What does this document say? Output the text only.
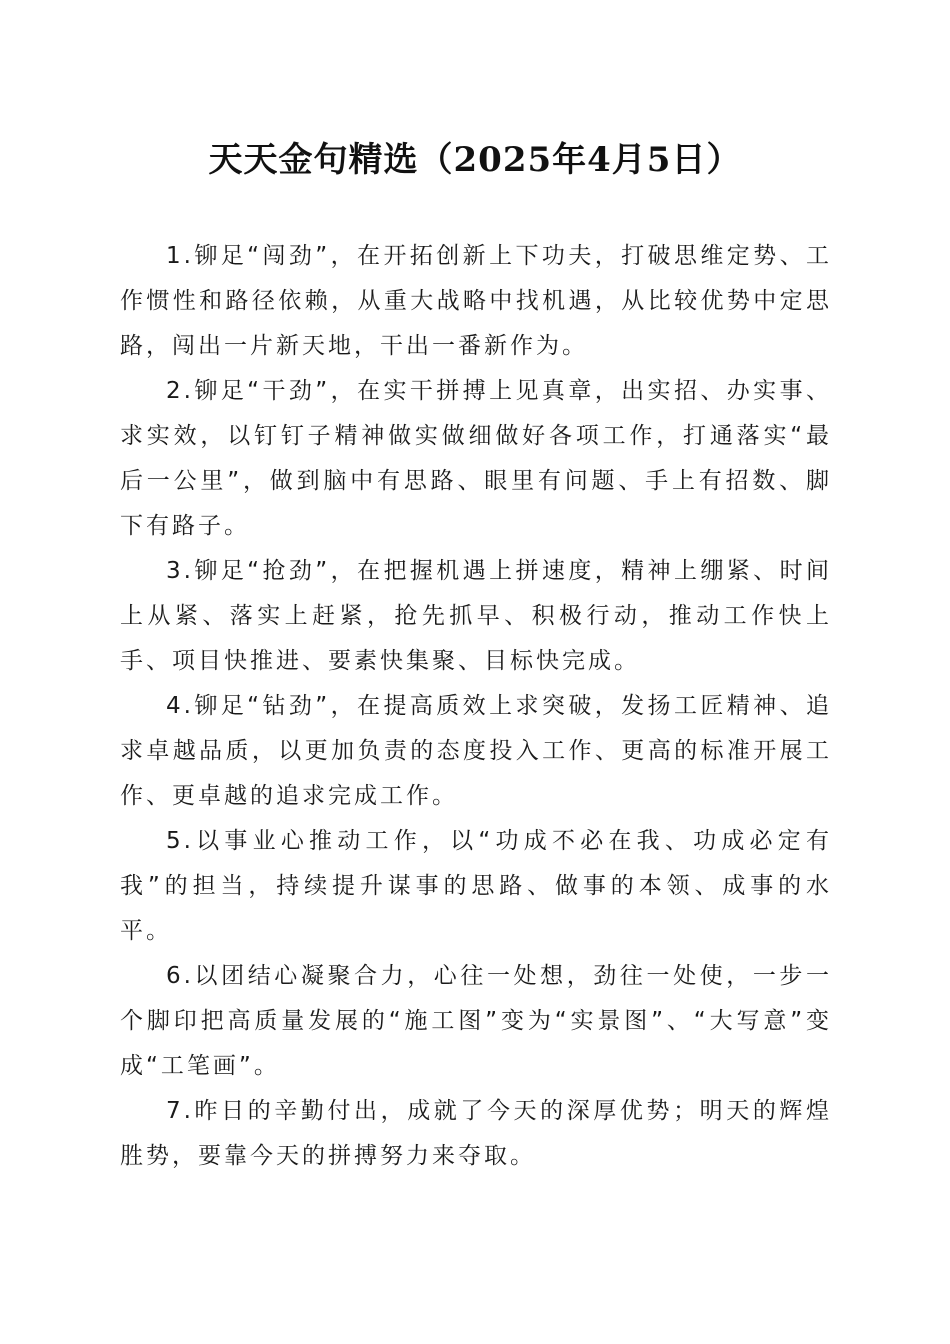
天天金句精选（2025年4月5日）

1.铆足“闯劲”，在开拓创新上下功夫，打破思维定势、工作惯性和路径依赖，从重大战略中找机遇，从比较优势中定思路，闯出一片新天地，干出一番新作为。

2.铆足“干劲”，在实干拼搏上见真章，出实招、办实事、求实效，以钉钉子精神做实做细做好各项工作，打通落实“最后一公里”，做到脑中有思路、眼里有问题、手上有招数、脚下有路子。

3.铆足“抢劲”，在把握机遇上拼速度，精神上绷紧、时间上从紧、落实上赶紧，抢先抓早、积极行动，推动工作快上手、项目快推进、要素快集聚、目标快完成。

4.铆足“钻劲”，在提高质效上求突破，发扬工匠精神、追求卓越品质，以更加负责的态度投入工作、更高的标准开展工作、更卓越的追求完成工作。

5.以事业心推动工作，以“功成不必在我、功成必定有我”的担当，持续提升谋事的思路、做事的本领、成事的水平。

6.以团结心凝聚合力，心往一处想，劲往一处使，一步一个脚印把高质量发展的“施工图”变为“实景图”、“大写意”变成“工笔画”。

7.昨日的辛勤付出，成就了今天的深厚优势；明天的辉煌胜势，要靠今天的拼搏努力来夺取。
